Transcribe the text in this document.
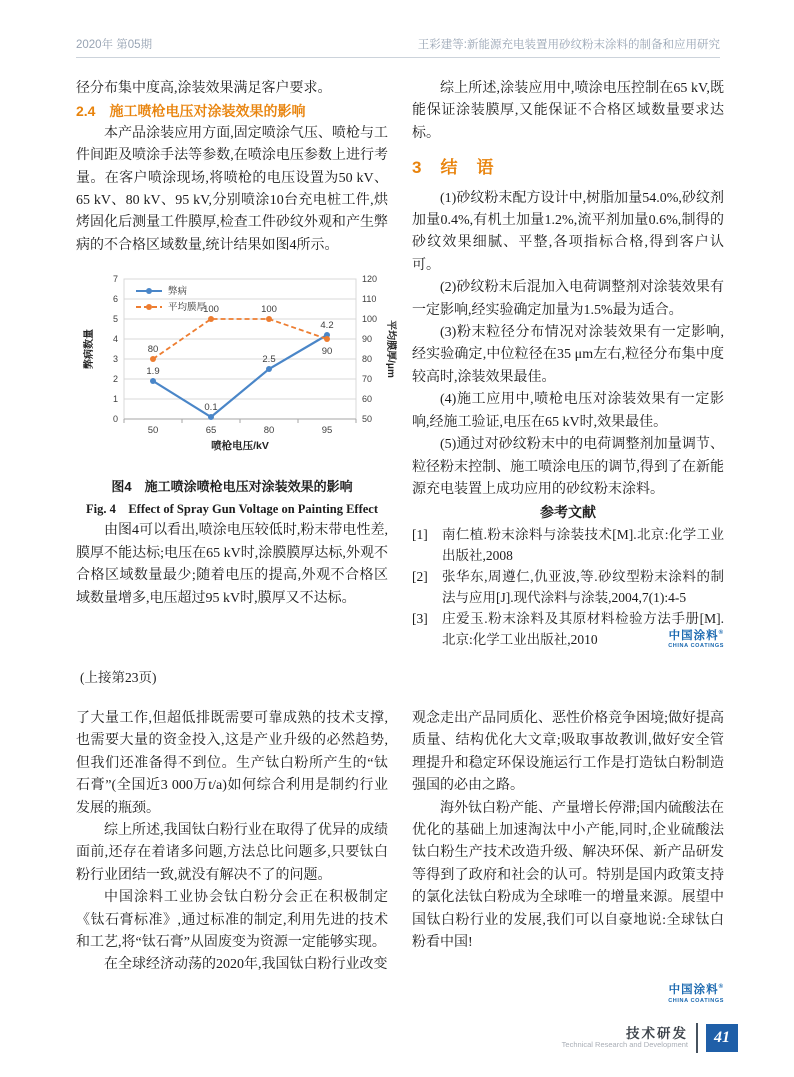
2020年 第05期	王彩建等:新能源充电装置用砂纹粉末涂料的制备和应用研究

径分布集中度高,涂装效果满足客户要求。

2.4　施工喷枪电压对涂装效果的影响

本产品涂装应用方面,固定喷涂气压、喷枪与工件间距及喷涂手法等参数,在喷涂电压参数上进行考量。在客户喷涂现场,将喷枪的电压设置为50 kV、65 kV、80 kV、95 kV,分别喷涂10台充电桩工件,烘烤固化后测量工件膜厚,检查工件砂纹外观和产生弊病的不合格区域数量,统计结果如图4所示。

0
1
2
3
4
5
6
7
50
60
70
80
90
100
110
120
50	65	80	95
喷枪电压/kV
弊病数量	平均膜厚/μm
1.9
0.1
2.5
4.2
80
100	100
90
弊病
平均膜厚

图4　施工喷涂喷枪电压对涂装效果的影响

Fig. 4　Effect of Spray Gun Voltage on Painting Effect

由图4可以看出,喷涂电压较低时,粉末带电性差,膜厚不能达标;电压在65 kV时,涂膜膜厚达标,外观不合格区域数量最少;随着电压的提高,外观不合格区域数量增多,电压超过95 kV时,膜厚又不达标。

综上所述,涂装应用中,喷涂电压控制在65 kV,既能保证涂装膜厚,又能保证不合格区域数量要求达标。

3　结　语

(1)砂纹粉末配方设计中,树脂加量54.0%,砂纹剂加量0.4%,有机土加量1.2%,流平剂加量0.6%,制得的砂纹效果细腻、平整,各项指标合格,得到客户认可。

(2)砂纹粉末后混加入电荷调整剂对涂装效果有一定影响,经实验确定加量为1.5%最为适合。

(3)粉末粒径分布情况对涂装效果有一定影响,经实验确定,中位粒径在35 μm左右,粒径分布集中度较高时,涂装效果最佳。

(4)施工应用中,喷枪电压对涂装效果有一定影响,经施工验证,电压在65 kV时,效果最佳。

(5)通过对砂纹粉末中的电荷调整剂加量调节、粒径粉末控制、施工喷涂电压的调节,得到了在新能源充电装置上成功应用的砂纹粉末涂料。

参考文献

[1] 南仁植.粉末涂料与涂装技术[M].北京:化学工业出版社,2008

[2] 张华东,周遵仁,仇亚波,等.砂纹型粉末涂料的制法与应用[J].现代涂料与涂装,2004,7(1):4-5

[3] 庄爱玉.粉末涂料及其原材料检验方法手册[M].北京:化学工业出版社,2010	中国涂料®
CHINA COATINGS
(上接第23页)

了大量工作,但超低排既需要可靠成熟的技术支撑,也需要大量的资金投入,这是产业升级的必然趋势,但我们还准备得不到位。生产钛白粉所产生的“钛石膏”(全国近3 000万t/a)如何综合利用是制约行业发展的瓶颈。

综上所述,我国钛白粉行业在取得了优异的成绩面前,还存在着诸多问题,方法总比问题多,只要钛白粉行业团结一致,就没有解决不了的问题。

中国涂料工业协会钛白粉分会正在积极制定《钛石膏标准》,通过标准的制定,利用先进的技术和工艺,将“钛石膏”从固废变为资源一定能够实现。

在全球经济动荡的2020年,我国钛白粉行业改变

观念走出产品同质化、恶性价格竞争困境;做好提高质量、结构优化大文章;吸取事故教训,做好安全管理提升和稳定环保设施运行工作是打造钛白粉制造强国的必由之路。

海外钛白粉产能、产量增长停滞;国内硫酸法在优化的基础上加速淘汰中小产能,同时,企业硫酸法钛白粉生产技术改造升级、解决环保、新产品研发等得到了政府和社会的认可。特别是国内政策支持的氯化法钛白粉成为全球唯一的增量来源。展望中国钛白粉行业的发展,我们可以自豪地说:全球钛白粉看中国!

中国涂料®
CHINA COATINGS
技术研发
Technical Research and Development 41
